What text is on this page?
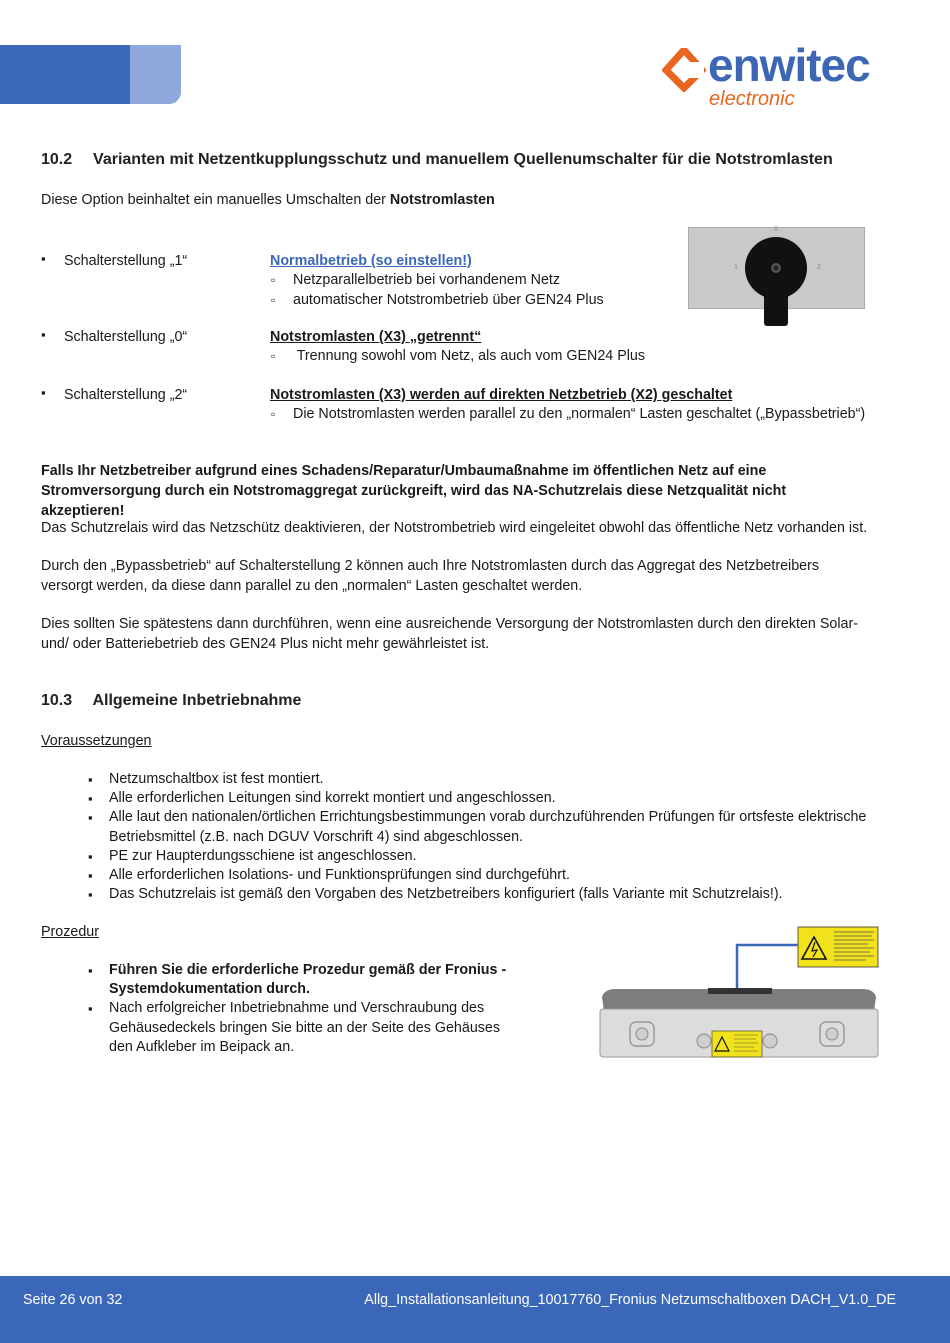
enwitec
electronic
10.2 Varianten mit Netzentkupplungsschutz und manuellem Quellenumschalter für die Notstromlasten
Diese Option beinhaltet ein manuelles Umschalten der Notstromlasten
▪ Schalterstellung „1“	Normalbetrieb (so einstellen!)
▫ Netzparallelbetrieb bei vorhandenem Netz
▫ automatischer Notstrombetrieb über GEN24 Plus
▪ Schalterstellung „0“	Notstromlasten (X3) „getrennt“
▫ Trennung sowohl vom Netz, als auch vom GEN24 Plus
▪ Schalterstellung „2“	Notstromlasten (X3) werden auf direkten Netzbetrieb (X2) geschaltet
▫ Die Notstromlasten werden parallel zu den „normalen“ Lasten geschaltet („Bypassbetrieb“)
0
1	2
Falls Ihr Netzbetreiber aufgrund eines Schadens/Reparatur/Umbaumaßnahme im öffentlichen Netz auf eine Stromversorgung durch ein Notstromaggregat zurückgreift, wird das NA-Schutzrelais diese Netzqualität nicht akzeptieren!
Das Schutzrelais wird das Netzschütz deaktivieren, der Notstrombetrieb wird eingeleitet obwohl das öffentliche Netz vorhanden ist.
Durch den „Bypassbetrieb“ auf Schalterstellung 2 können auch Ihre Notstromlasten durch das Aggregat des Netzbetreibers versorgt werden, da diese dann parallel zu den „normalen“ Lasten geschaltet werden.
Dies sollten Sie spätestens dann durchführen, wenn eine ausreichende Versorgung der Notstromlasten durch den direkten Solar- und/ oder Batteriebetrieb des GEN24 Plus nicht mehr gewährleistet ist.
10.3 Allgemeine Inbetriebnahme
Voraussetzungen
▪ Netzumschaltbox ist fest montiert.
▪ Alle erforderlichen Leitungen sind korrekt montiert und angeschlossen.
▪ Alle laut den nationalen/örtlichen Errichtungsbestimmungen vorab durchzuführenden Prüfungen für ortsfeste elektrische Betriebsmittel (z.B. nach DGUV Vorschrift 4) sind abgeschlossen.
▪ PE zur Haupterdungsschiene ist angeschlossen.
▪ Alle erforderlichen Isolations- und Funktionsprüfungen sind durchgeführt.
▪ Das Schutzrelais ist gemäß den Vorgaben des Netzbetreibers konfiguriert (falls Variante mit Schutzrelais!).
Prozedur
▪ Führen Sie die erforderliche Prozedur gemäß der Fronius - Systemdokumentation durch.
▪ Nach erfolgreicher Inbetriebnahme und Verschraubung des Gehäusedeckels bringen Sie bitte an der Seite des Gehäuses den Aufkleber im Beipack an.
Seite 26 von 32	Allg_Installationsanleitung_10017760_Fronius Netzumschaltboxen DACH_V1.0_DE
